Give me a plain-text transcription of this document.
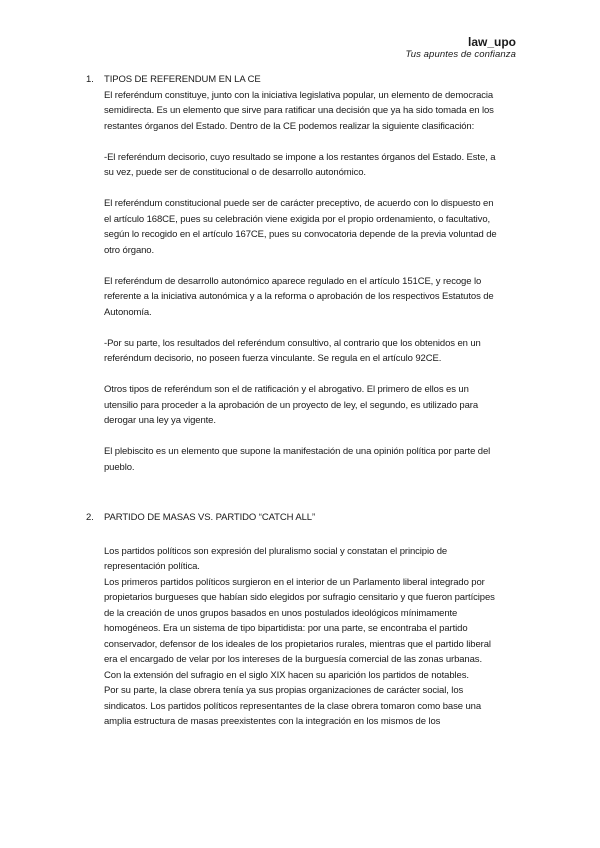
law_upo
Tus apuntes de confianza
1. TIPOS DE REFERENDUM EN LA CE

El referéndum constituye, junto con la iniciativa legislativa popular, un elemento de democracia semidirecta. Es un elemento que sirve para ratificar una decisión que ya ha sido tomada en los restantes órganos del Estado. Dentro de la CE podemos realizar la siguiente clasificación:

-El referéndum decisorio, cuyo resultado se impone a los restantes órganos del Estado. Este, a su vez, puede ser de constitucional o de desarrollo autonómico.

El referéndum constitucional puede ser de carácter preceptivo, de acuerdo con lo dispuesto en el artículo 168CE, pues su celebración viene exigida por el propio ordenamiento, o facultativo, según lo recogido en el artículo 167CE, pues su convocatoria depende de la previa voluntad de otro órgano.

El referéndum de desarrollo autonómico aparece regulado en el artículo 151CE, y recoge lo referente a la iniciativa autonómica y a la reforma o aprobación de los respectivos Estatutos de Autonomía.

-Por su parte, los resultados del referéndum consultivo, al contrario que los obtenidos en un referéndum decisorio, no poseen fuerza vinculante. Se regula en el artículo 92CE.

Otros tipos de referéndum son el de ratificación y el abrogativo. El primero de ellos es un utensilio para proceder a la aprobación de un proyecto de ley, el segundo, es utilizado para derogar una ley ya vigente.

El plebiscito es un elemento que supone la manifestación de una opinión política por parte del pueblo.

2. PARTIDO DE MASAS VS. PARTIDO “CATCH ALL”

Los partidos políticos son expresión del pluralismo social y constatan el principio de representación política.

Los primeros partidos políticos surgieron en el interior de un Parlamento liberal integrado por propietarios burgueses que habían sido elegidos por sufragio censitario y que fueron partícipes de la creación de unos grupos basados en unos postulados ideológicos mínimamente homogéneos. Era un sistema de tipo bipartidista: por una parte, se encontraba el partido conservador, defensor de los ideales de los propietarios rurales, mientras que el partido liberal era el encargado de velar por los intereses de la burguesía comercial de las zonas urbanas.

Con la extensión del sufragio en el siglo XIX hacen su aparición los partidos de notables.

Por su parte, la clase obrera tenía ya sus propias organizaciones de carácter social, los sindicatos. Los partidos políticos representantes de la clase obrera tomaron como base una amplia estructura de masas preexistentes con la integración en los mismos de los
